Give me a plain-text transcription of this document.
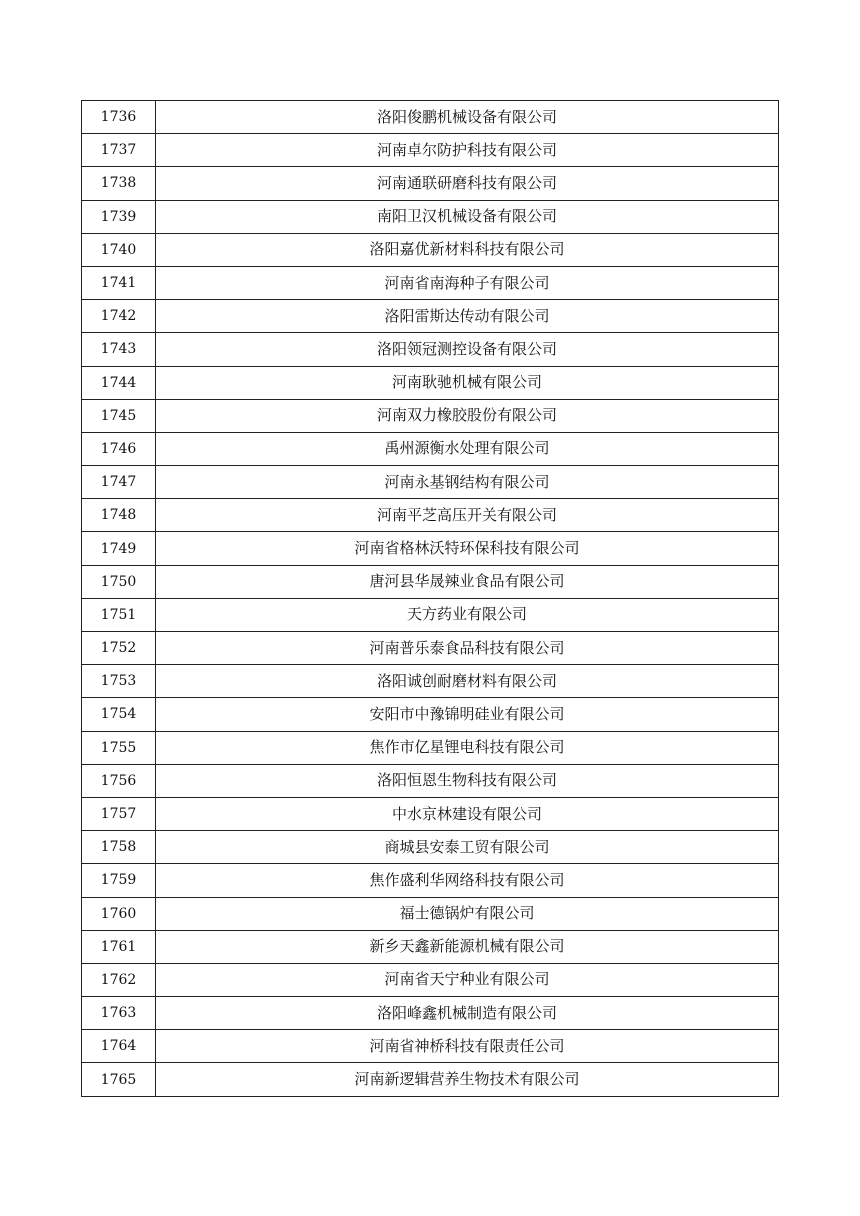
1736	洛阳俊鹏机械设备有限公司
1737	河南卓尔防护科技有限公司
1738	河南通联研磨科技有限公司
1739	南阳卫汉机械设备有限公司
1740	洛阳嘉优新材料科技有限公司
1741	河南省南海种子有限公司
1742	洛阳雷斯达传动有限公司
1743	洛阳领冠测控设备有限公司
1744	河南耿驰机械有限公司
1745	河南双力橡胶股份有限公司
1746	禹州源衡水处理有限公司
1747	河南永基钢结构有限公司
1748	河南平芝高压开关有限公司
1749	河南省格林沃特环保科技有限公司
1750	唐河县华晟辣业食品有限公司
1751	天方药业有限公司
1752	河南普乐泰食品科技有限公司
1753	洛阳诚创耐磨材料有限公司
1754	安阳市中豫锦明硅业有限公司
1755	焦作市亿星锂电科技有限公司
1756	洛阳恒恩生物科技有限公司
1757	中水京林建设有限公司
1758	商城县安泰工贸有限公司
1759	焦作盛利华网络科技有限公司
1760	福士德锅炉有限公司
1761	新乡天鑫新能源机械有限公司
1762	河南省天宁种业有限公司
1763	洛阳峰鑫机械制造有限公司
1764	河南省神桥科技有限责任公司
1765	河南新逻辑营养生物技术有限公司
